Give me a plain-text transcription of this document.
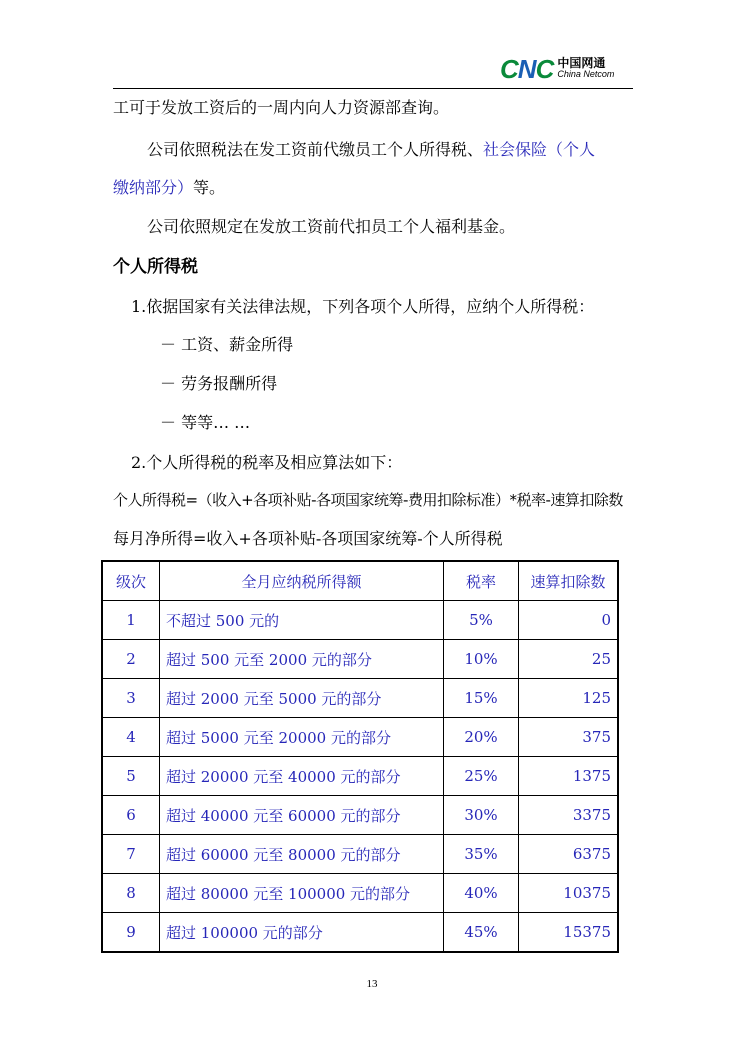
CNC 中国网通
China Netcom
工可于发放工资后的一周内向人力资源部查询。
公司依照税法在发工资前代缴员工个人所得税、社会保险（个人
缴纳部分）等。
公司依照规定在发放工资前代扣员工个人福利基金。
个人所得税
1.依据国家有关法律法规，下列各项个人所得，应纳个人所得税：
－ 工资、薪金所得
－ 劳务报酬所得
－ 等等… …
2.个人所得税的税率及相应算法如下：
个人所得税=（收入+各项补贴-各项国家统筹-费用扣除标准）*税率-速算扣除数
每月净所得=收入+各项补贴-各项国家统筹-个人所得税
级次	全月应纳税所得额	税率	速算扣除数
1	不超过 500 元的	5%	0
2	超过 500 元至 2000 元的部分	10%	25
3	超过 2000 元至 5000 元的部分	15%	125
4	超过 5000 元至 20000 元的部分	20%	375
5	超过 20000 元至 40000 元的部分	25%	1375
6	超过 40000 元至 60000 元的部分	30%	3375
7	超过 60000 元至 80000 元的部分	35%	6375
8	超过 80000 元至 100000 元的部分	40%	10375
9	超过 100000 元的部分	45%	15375
13
